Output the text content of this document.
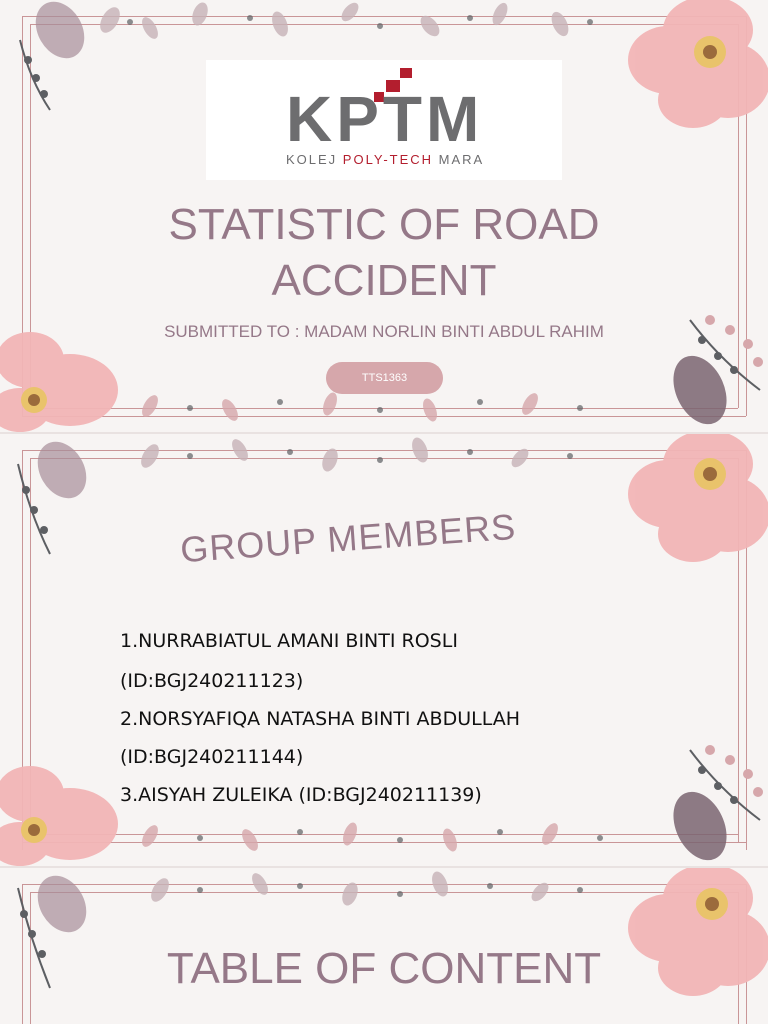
KPTM
KOLEJ POLY-TECH MARA
STATISTIC OF ROAD
ACCIDENT
SUBMITTED TO : MADAM NORLIN BINTI ABDUL RAHIM
TTS1363
GROUP MEMBERS
1.NURRABIATUL AMANI BINTI ROSLI
(ID:BGJ240211123)
2.NORSYAFIQA NATASHA BINTI ABDULLAH
(ID:BGJ240211144)
3.AISYAH ZULEIKA (ID:BGJ240211139)
TABLE OF CONTENT
